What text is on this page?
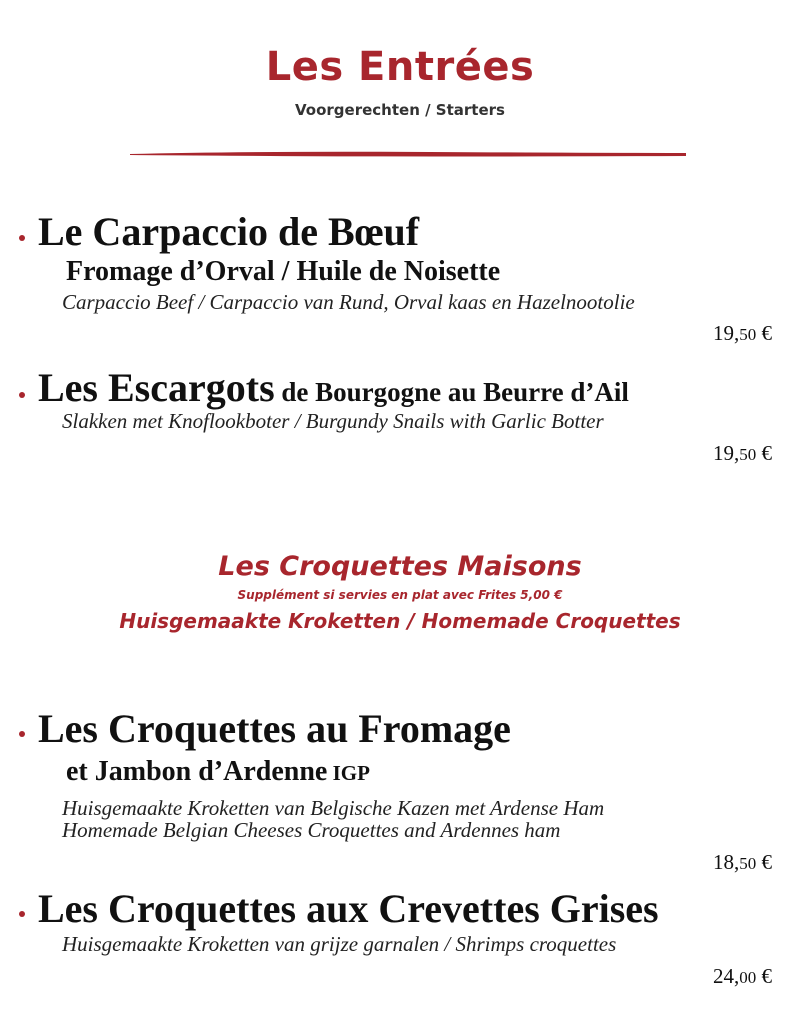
Les Entrées
Voorgerechten / Starters
Le Carpaccio de Bœuf
Fromage d’Orval / Huile de Noisette
Carpaccio Beef / Carpaccio van Rund, Orval kaas en Hazelnootolie
19,50 €
Les Escargots de Bourgogne au Beurre d’Ail
Slakken met Knoflookboter / Burgundy Snails with Garlic Botter
19,50 €
Les Croquettes Maisons
Supplément si servies en plat avec Frites 5,00 €
Huisgemaakte Kroketten / Homemade Croquettes
Les Croquettes au Fromage
et Jambon d’Ardenne IGP
Huisgemaakte Kroketten van Belgische Kazen met Ardense Ham
Homemade Belgian Cheeses Croquettes and Ardennes ham
18,50 €
Les Croquettes aux Crevettes Grises
Huisgemaakte Kroketten van grijze garnalen / Shrimps croquettes
24,00 €
